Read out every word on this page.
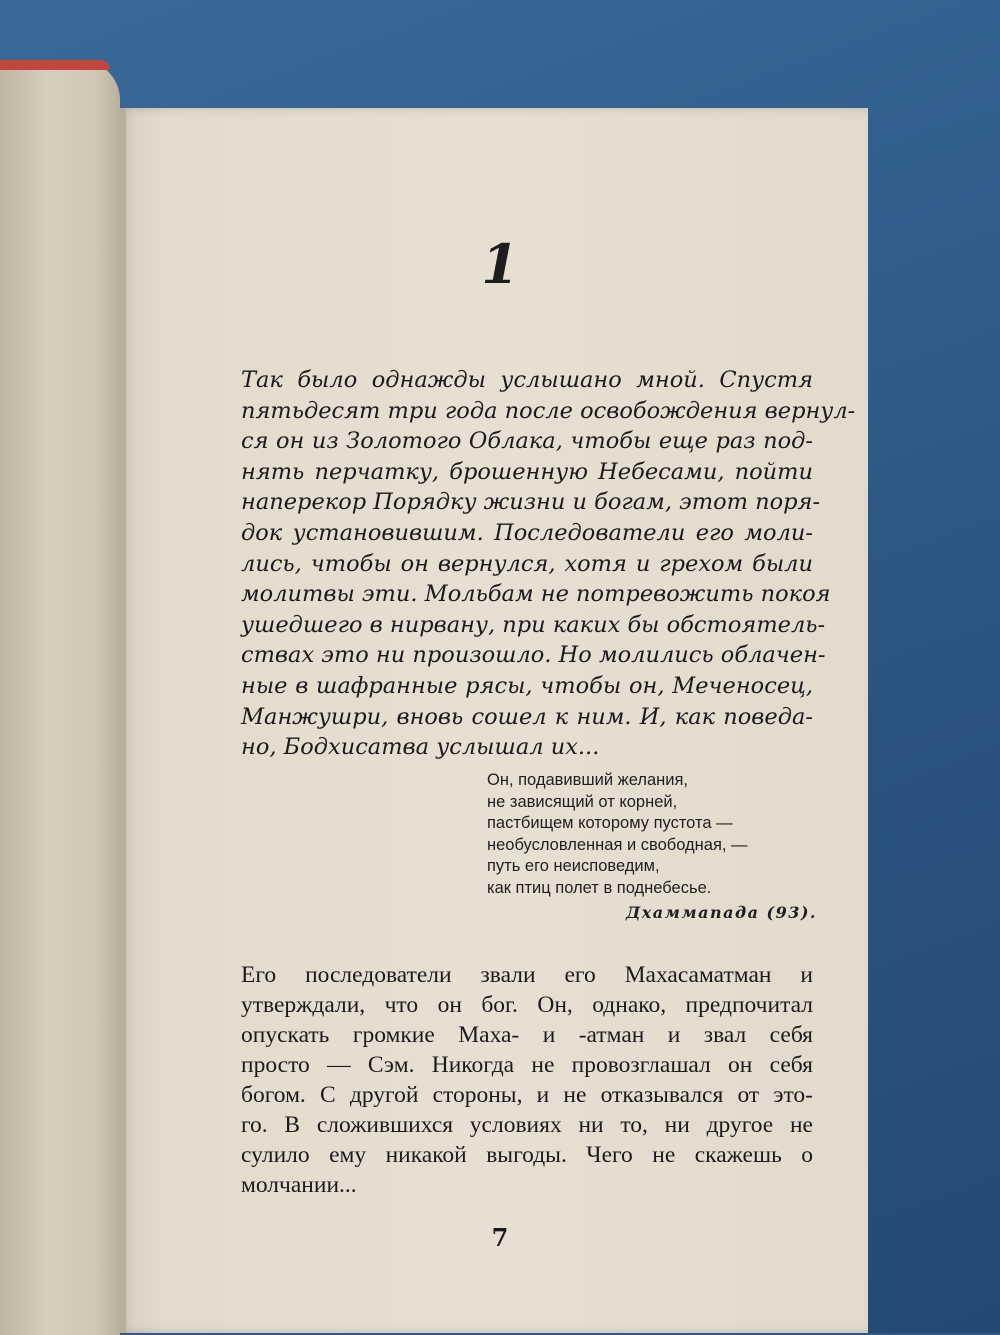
1
Так было однажды услышано мной. Спустя
пятьдесят три года после освобождения вернул-
ся он из Золотого Облака, чтобы еще раз под-
нять перчатку, брошенную Небесами, пойти
наперекор Порядку жизни и богам, этот поря-
док установившим. Последователи его моли-
лись, чтобы он вернулся, хотя и грехом были
молитвы эти. Мольбам не потревожить покоя
ушедшего в нирвану, при каких бы обстоятель-
ствах это ни произошло. Но молились облачен-
ные в шафранные рясы, чтобы он, Меченосец,
Манжушри, вновь сошел к ним. И, как поведа-
но, Бодхисатва услышал их...
Он, подавивший желания,
не зависящий от корней,
пастбищем которому пустота —
необусловленная и свободная, —
путь его неисповедим,
как птиц полет в поднебесье.
Дхаммапада (93).
Его последователи звали его Махасаматман и
утверждали, что он бог. Он, однако, предпочитал
опускать громкие Маха- и -атман и звал себя
просто — Сэм. Никогда не провозглашал он себя
богом. С другой стороны, и не отказывался от это-
го. В сложившихся условиях ни то, ни другое не
сулило ему никакой выгоды. Чего не скажешь о
молчании...
7
